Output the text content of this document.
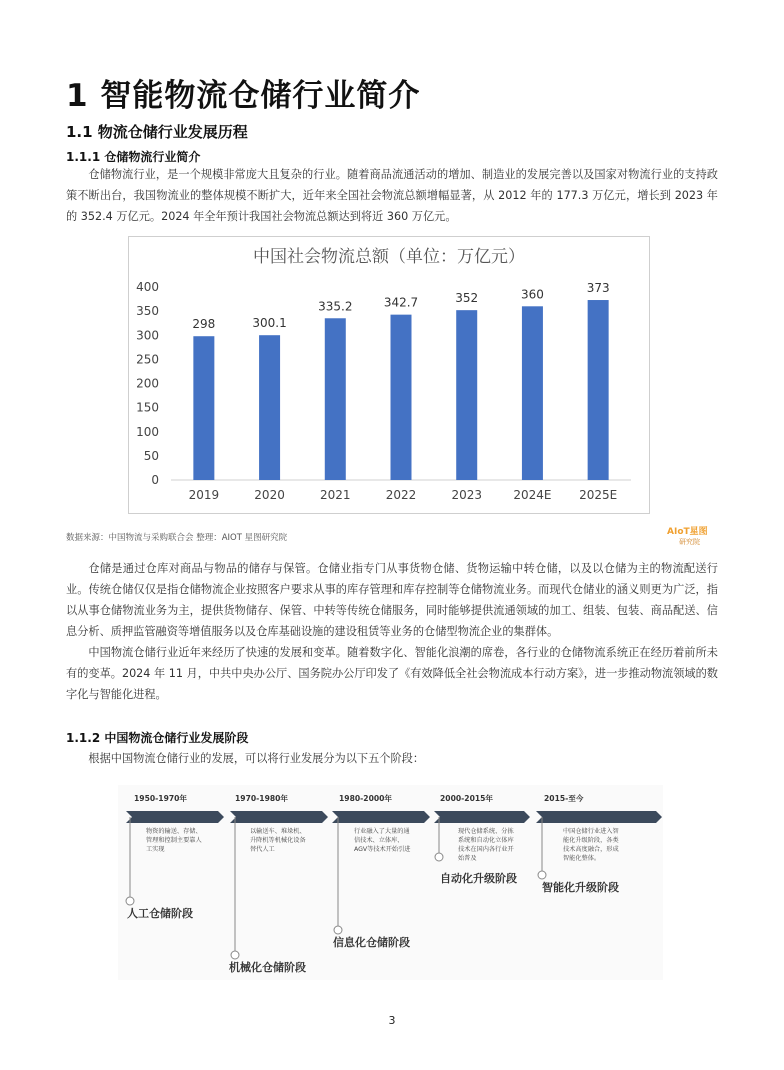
1 智能物流仓储行业简介
1.1 物流仓储行业发展历程
1.1.1 仓储物流行业简介
仓储物流行业，是一个规模非常庞大且复杂的行业。随着商品流通活动的增加、制造业的发展完善以及国家对物流行业的支持政策不断出台，我国物流业的整体规模不断扩大，近年来全国社会物流总额增幅显著，从 2012 年的 177.3 万亿元，增长到 2023 年的 352.4 万亿元。2024 年全年预计我国社会物流总额达到将近 360 万亿元。
中国社会物流总额（单位：万亿元）
0
50
100
150
200
250
300
350
400
298
2019
300.1
2020
335.2
2021
342.7
2022
352
2023
360
2024E
373
2025E
数据来源：中国物流与采购联合会 整理：AIOT 星图研究院
AIoT星图
研究院
仓储是通过仓库对商品与物品的储存与保管。仓储业指专门从事货物仓储、货物运输中转仓储，以及以仓储为主的物流配送行业。传统仓储仅仅是指仓储物流企业按照客户要求从事的库存管理和库存控制等仓储物流业务。而现代仓储业的涵义则更为广泛，指以从事仓储物流业务为主，提供货物储存、保管、中转等传统仓储服务，同时能够提供流通领域的加工、组装、包装、商品配送、信息分析、质押监管融资等增值服务以及仓库基础设施的建设租赁等业务的仓储型物流企业的集群体。
中国物流仓储行业近年来经历了快速的发展和变革。随着数字化、智能化浪潮的席卷，各行业的仓储物流系统正在经历着前所未有的变革。2024 年 11 月，中共中央办公厅、国务院办公厅印发了《有效降低全社会物流成本行动方案》，进一步推动物流领域的数字化与智能化进程。
1.1.2 中国物流仓储行业发展阶段
根据中国物流仓储行业的发展，可以将行业发展分为以下五个阶段：
1950-1970年	1970-1980年	1980-2000年	2000-2015年	2015-至今
物资的输送、存储、
管理和控制主要靠人
工实现
以输送车、堆垛机、
升降机等机械化设备
替代人工
行业融入了大量的通
信技术、立体库、
AGV等技术开始引进
现代仓储系统、分拣
系统和自动化立体库
技术在国内各行业开
始普及
中国仓储行业进入智
能化升级阶段，各类
技术高度融合，形成
智能化整体。
人工仓储阶段
机械化仓储阶段
信息化仓储阶段
自动化升级阶段
智能化升级阶段
3
